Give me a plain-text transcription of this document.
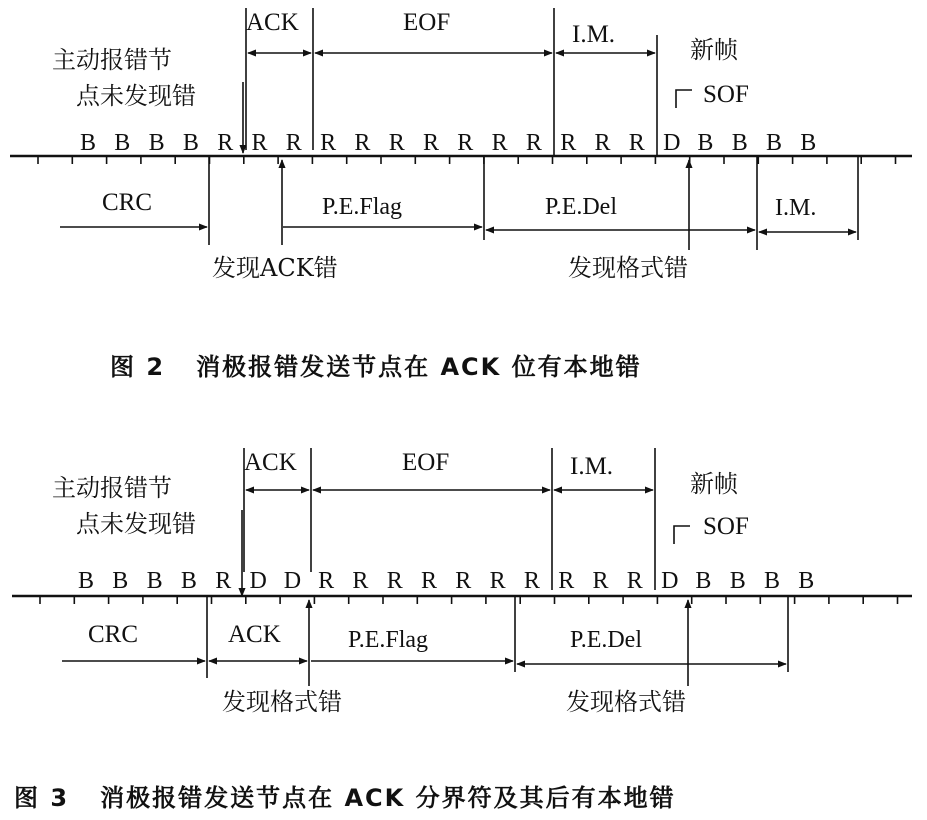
ACK	EOF	I.M.
新帧
SOF
主动报错节
点未发现错
B B B B R R R R R R R R R R R R R D B B B B
CRC	P.E.Flag	P.E.Del	I.M.
发现ACK错	发现格式错
图 2   消极报错发送节点在 ACK 位有本地错
ACK	EOF	I.M.
新帧
SOF
主动报错节
点未发现错
B B B B R D D R R R R R R R R R R D B B B B
CRC	ACK	P.E.Flag	P.E.Del
发现格式错	发现格式错
图 3   消极报错发送节点在 ACK 分界符及其后有本地错
